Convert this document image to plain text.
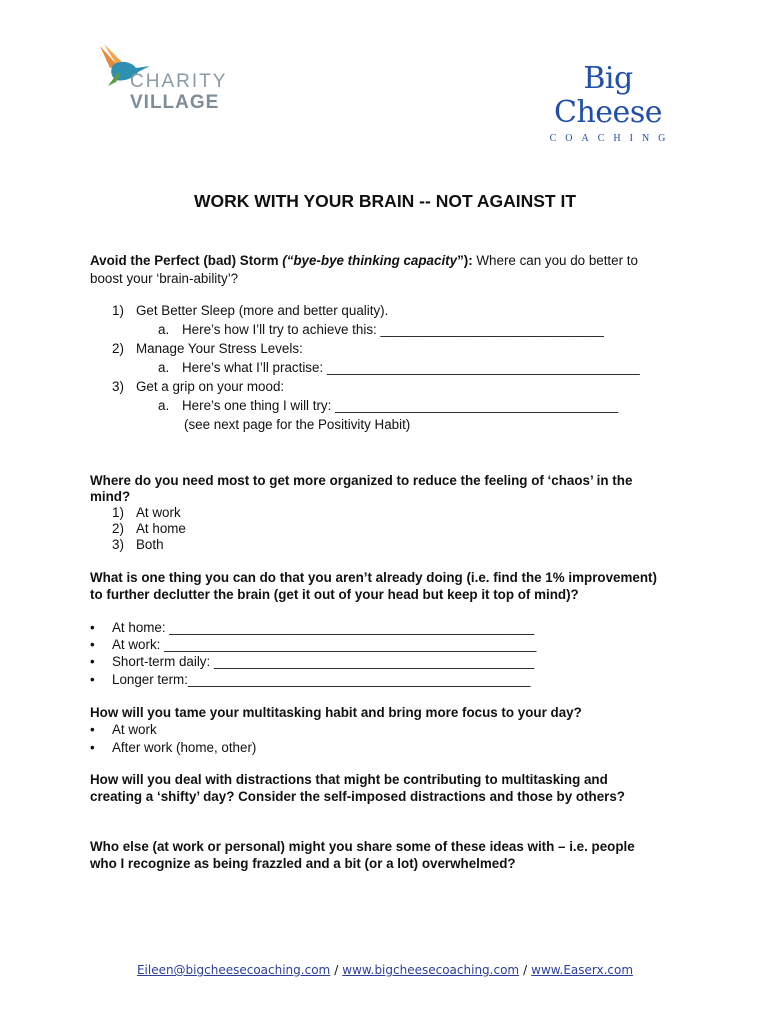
CHARITY
VILLAGE
Big Cheese
COACHING
WORK WITH YOUR BRAIN -- NOT AGAINST IT
Avoid the Perfect (bad) Storm (“bye-bye thinking capacity”): Where can you do better to
boost your ‘brain-ability’?
1) Get Better Sleep (more and better quality).
a. Here’s how I’ll try to achieve this: ______________________________
2) Manage Your Stress Levels:
a. Here’s what I’ll practise: __________________________________________
3) Get a grip on your mood:
a. Here’s one thing I will try: ______________________________________
(see next page for the Positivity Habit)
Where do you need most to get more organized to reduce the feeling of ‘chaos’ in the
mind?
1) At work
2) At home
3) Both
What is one thing you can do that you aren’t already doing (i.e. find the 1% improvement)
to further declutter the brain (get it out of your head but keep it top of mind)?
• At home: _________________________________________________
• At work: __________________________________________________
• Short-term daily: ___________________________________________
• Longer term:______________________________________________
How will you tame your multitasking habit and bring more focus to your day?
• At work
• After work (home, other)
How will you deal with distractions that might be contributing to multitasking and
creating a ‘shifty’ day? Consider the self-imposed distractions and those by others?
Who else (at work or personal) might you share some of these ideas with – i.e. people
who I recognize as being frazzled and a bit (or a lot) overwhelmed?
Eileen@bigcheesecoaching.com / www.bigcheesecoaching.com / www.Easerx.com
